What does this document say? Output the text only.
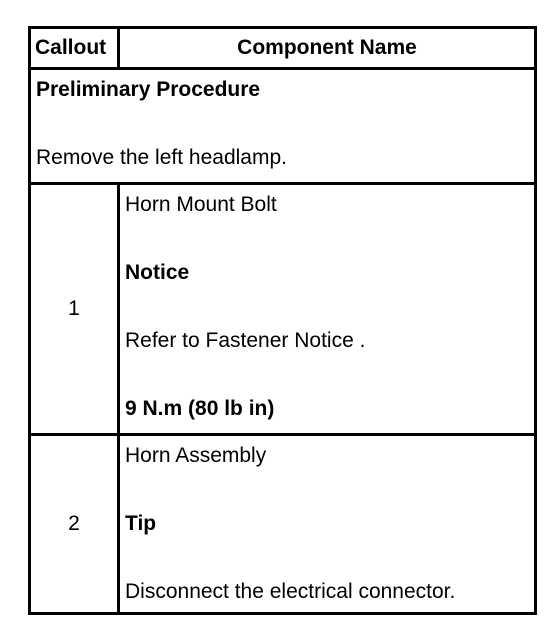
Callout	Component Name

Preliminary Procedure
Remove the left headlamp.	

1	Horn Mount Bolt
Notice
Refer to Fastener Notice .
9 N.m (80 lb in)

2	Horn Assembly
Tip
Disconnect the electrical connector.
